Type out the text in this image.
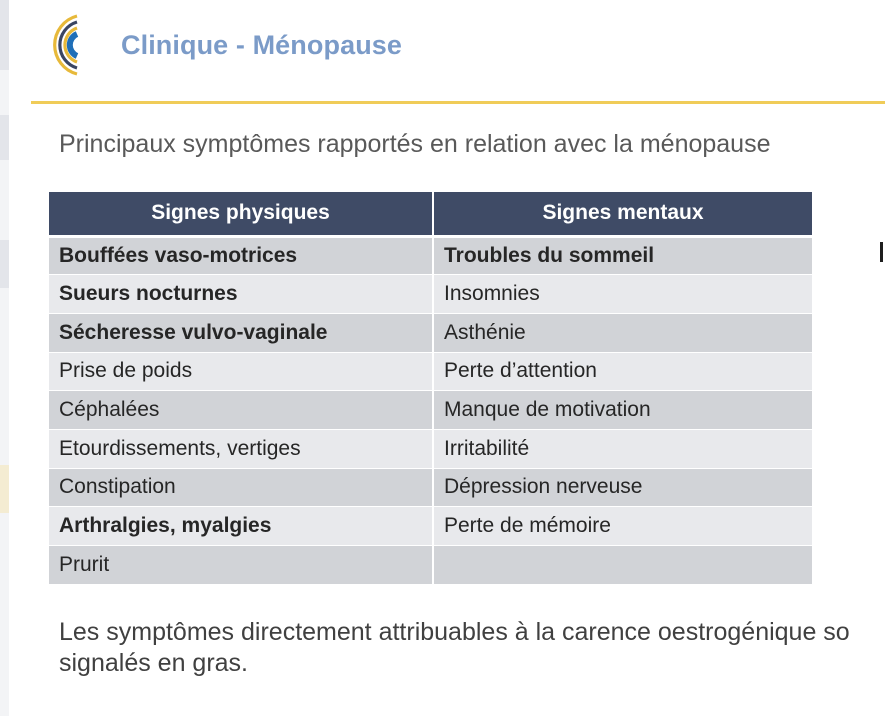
Clinique - Ménopause
Principaux symptômes rapportés en relation avec la ménopause
Signes physiques	Signes mentaux
Bouffées vaso-motrices	Troubles du sommeil
Sueurs nocturnes	Insomnies
Sécheresse vulvo-vaginale	Asthénie
Prise de poids	Perte d’attention
Céphalées	Manque de motivation
Etourdissements, vertiges	Irritabilité
Constipation	Dépression nerveuse
Arthralgies, myalgies	Perte de mémoire
Prurit	
Les symptômes directement attribuables à la carence oestrogénique so
signalés en gras.
